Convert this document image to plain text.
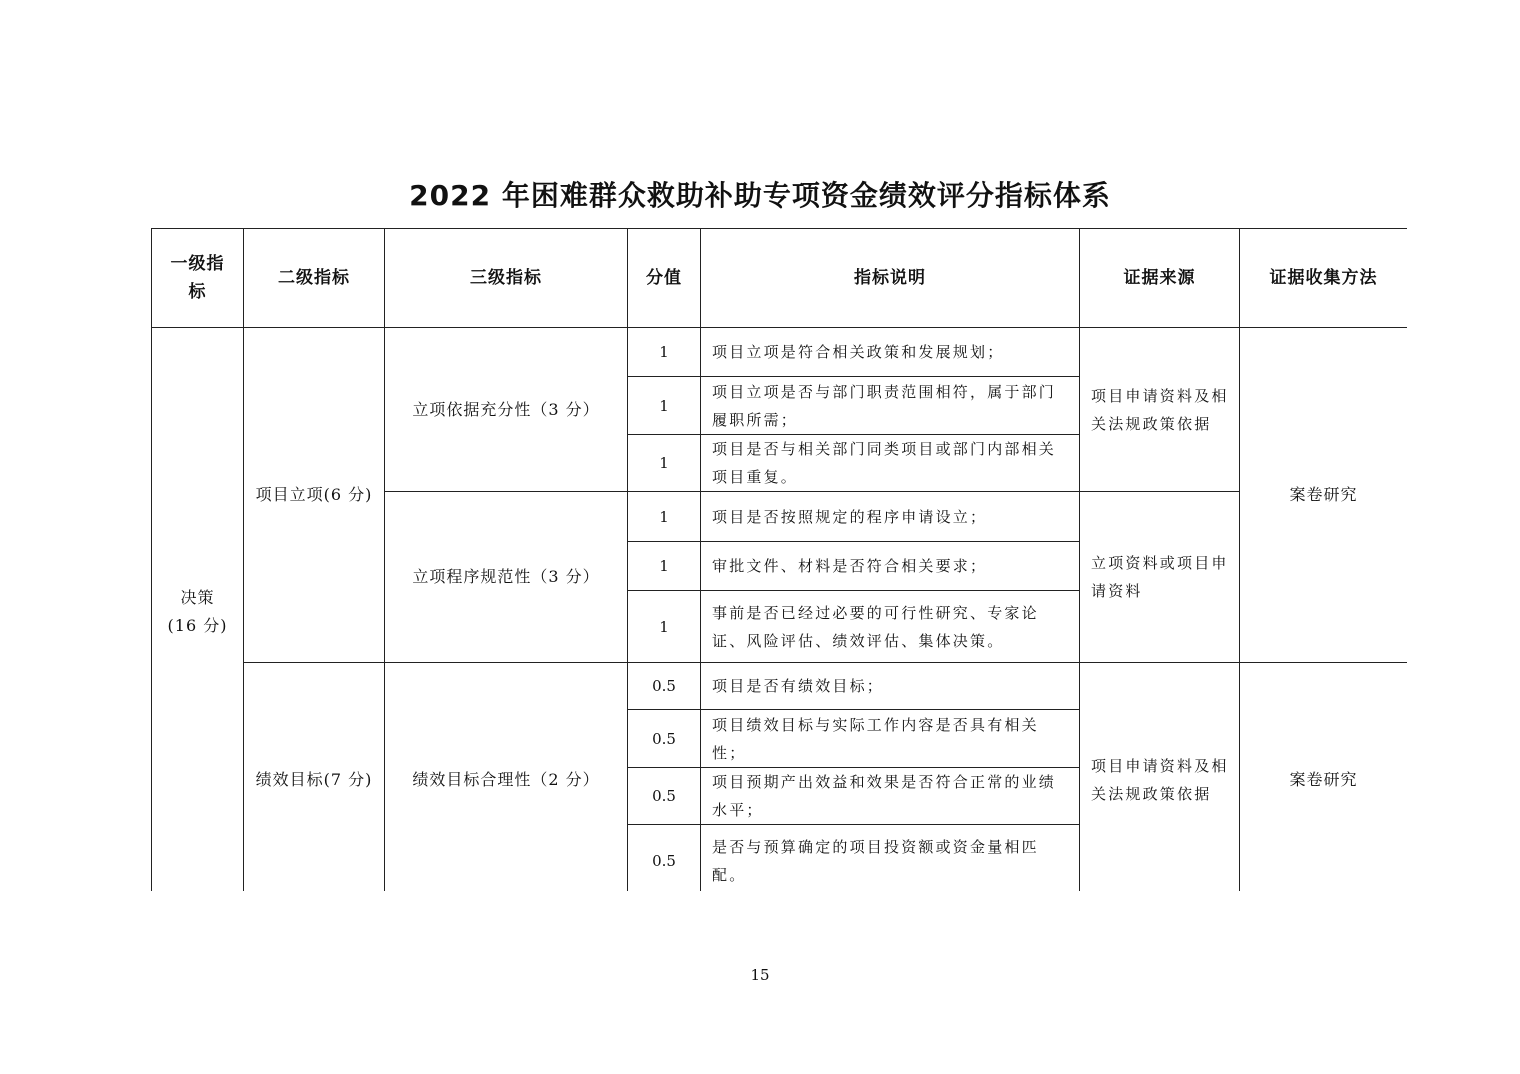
2022 年困难群众救助补助专项资金绩效评分指标体系
一级指标	二级指标	三级指标	分值	指标说明	证据来源	证据收集方法

决策
(16 分)	项目立项(6 分)	立项依据充分性（3 分）	1	项目立项是符合相关政策和发展规划；	项目申请资料及相关法规政策依据	案卷研究
			1	项目立项是否与部门职责范围相符，属于部门履职所需；		
			1	项目是否与相关部门同类项目或部门内部相关项目重复。		
		立项程序规范性（3 分）	1	项目是否按照规定的程序申请设立；	立项资料或项目申请资料	
			1	审批文件、材料是否符合相关要求；		
			1	事前是否已经过必要的可行性研究、专家论证、风险评估、绩效评估、集体决策。		
	绩效目标(7 分)	绩效目标合理性（2 分）	0.5	项目是否有绩效目标；	项目申请资料及相关法规政策依据	案卷研究
			0.5	项目绩效目标与实际工作内容是否具有相关性；		
			0.5	项目预期产出效益和效果是否符合正常的业绩水平；		
			0.5	是否与预算确定的项目投资额或资金量相匹配。		
15
